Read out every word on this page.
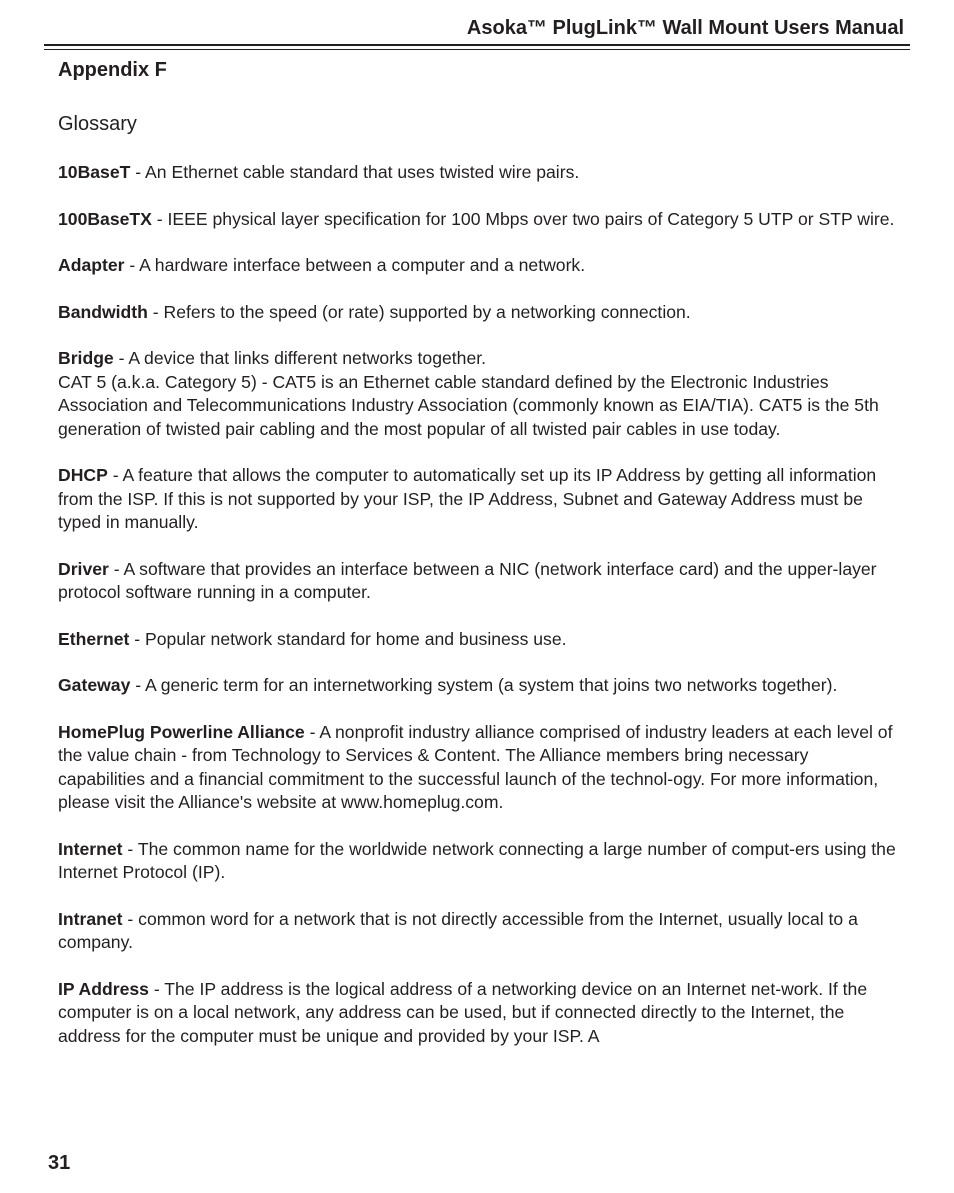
Asoka™ PlugLink™ Wall Mount Users Manual
Appendix F
Glossary

10BaseT - An Ethernet cable standard that uses twisted wire pairs.

100BaseTX - IEEE physical layer specification for 100 Mbps over two pairs of Category 5 UTP or STP wire.

Adapter - A hardware interface between a computer and a network.

Bandwidth - Refers to the speed (or rate) supported by a networking connection.

Bridge - A device that links different networks together.
CAT 5 (a.k.a. Category 5) - CAT5 is an Ethernet cable standard defined by the Electronic Industries Association and Telecommunications Industry Association (commonly known as EIA/TIA). CAT5 is the 5th generation of twisted pair cabling and the most popular of all twisted pair cables in use today.

DHCP - A feature that allows the computer to automatically set up its IP Address by getting all information from the ISP. If this is not supported by your ISP, the IP Address, Subnet and Gateway Address must be typed in manually.

Driver - A software that provides an interface between a NIC (network interface card) and the upper-layer protocol software running in a computer.

Ethernet - Popular network standard for home and business use.

Gateway - A generic term for an internetworking system (a system that joins two networks together).

HomePlug Powerline Alliance - A nonprofit industry alliance comprised of industry leaders at each level of the value chain - from Technology to Services & Content. The Alliance members bring necessary capabilities and a financial commitment to the successful launch of the technol-ogy. For more information, please visit the Alliance's website at www.homeplug.com.

Internet - The common name for the worldwide network connecting a large number of comput-ers using the Internet Protocol (IP).

Intranet - common word for a network that is not directly accessible from the Internet, usually local to a company.

IP Address - The IP address is the logical address of a networking device on an Internet net-work. If the computer is on a local network, any address can be used, but if connected directly to the Internet, the address for the computer must be unique and provided by your ISP. A

31
